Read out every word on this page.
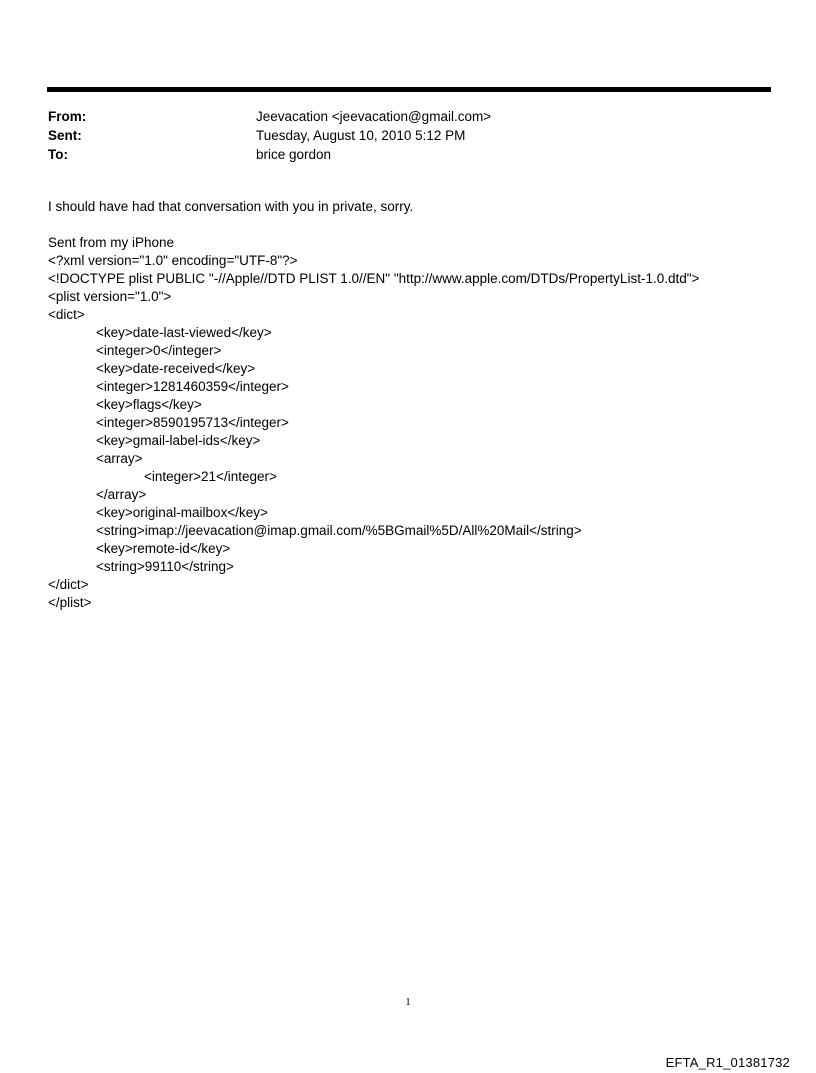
From:	Jeevacation <jeevacation@gmail.com>
Sent:	Tuesday, August 10, 2010 5:12 PM
To:	brice gordon
I should have had that conversation with you in private, sorry.
Sent from my iPhone
<?xml version="1.0" encoding="UTF-8"?>
<!DOCTYPE plist PUBLIC "-//Apple//DTD PLIST 1.0//EN" "http://www.apple.com/DTDs/PropertyList-1.0.dtd">
<plist version="1.0">
<dict>
<key>date-last-viewed</key>
<integer>0</integer>
<key>date-received</key>
<integer>1281460359</integer>
<key>flags</key>
<integer>8590195713</integer>
<key>gmail-label-ids</key>
<array>
<integer>21</integer>
</array>
<key>original-mailbox</key>
<string>imap://jeevacation@imap.gmail.com/%5BGmail%5D/All%20Mail</string>
<key>remote-id</key>
<string>99110</string>
</dict>
</plist>
1
EFTA_R1_01381732
